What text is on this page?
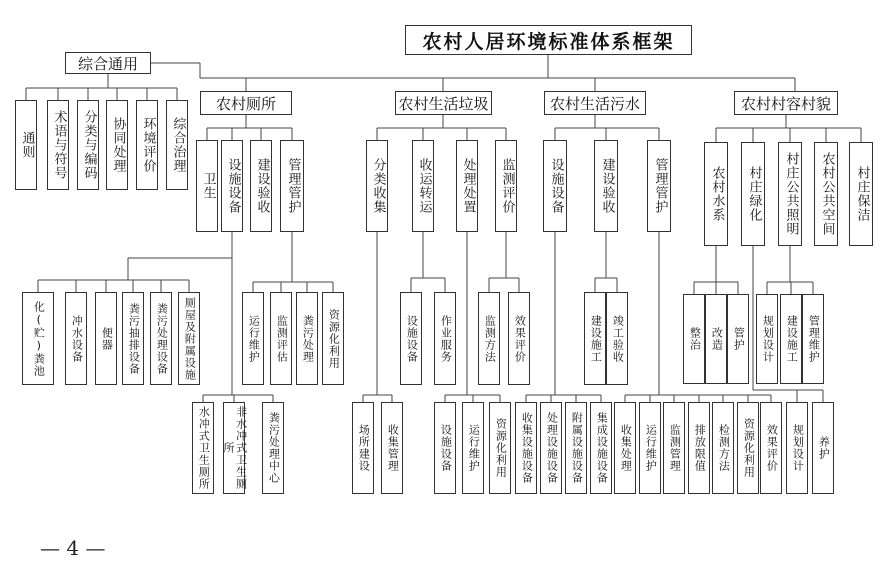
农村人居环境标准体系框架
综合通用
农村厕所	农村生活垃圾	农村生活污水	农村村容村貌
通则	术语与符号	分类与编码	协同处理	环境评价	综合治理
卫生 设施设备	建设验收	管理管护	分类收集	收运转运	处理处置	监测评价	设施设备	建设验收	管理管护	农村水系	村庄绿化	村庄公共照明	农村公共空间	村庄保洁
化(贮)粪池	冲水设备	便器	粪污抽排设备	粪污处理设备	厕屋及附属设施	运行维护	监测评估	粪污处理	资源化利用	设施设备	作业服务	监测方法	效果评价	建设施工 竣工验收	整治 改造 管护	规划设计	建设施工 管理维护
水冲式卫生厕所	非水冲式卫生厕所	粪污处理中心	场所建设	收集管理	设施设备	运行维护	资源化利用	收集设施设备	处理设施设备	附属设施设备	集成设施设备	收集处理	运行维护	监测管理	排放限值	检测方法	资源化利用 效果评价	规划设计	养护
— 4 —
